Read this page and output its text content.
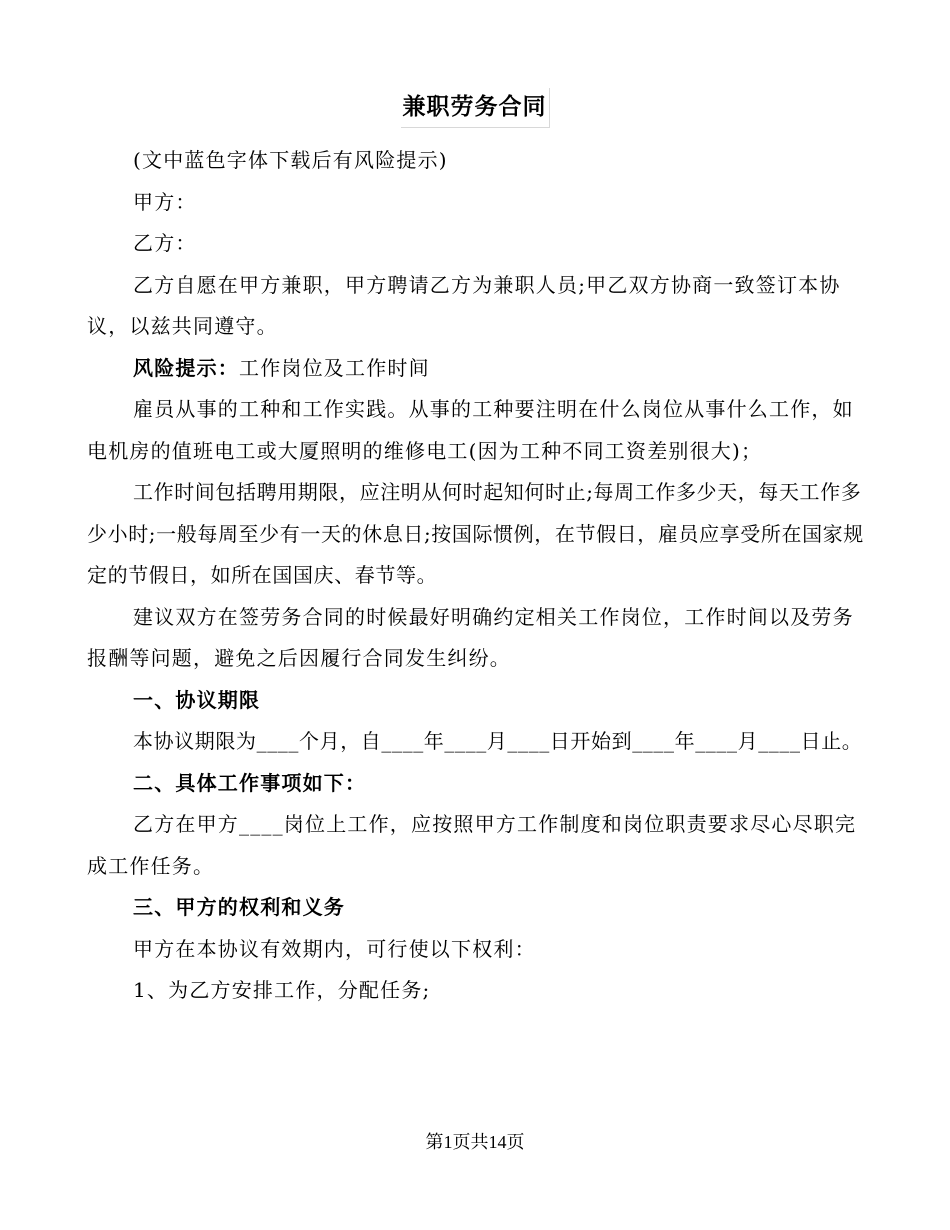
兼职劳务合同

(文中蓝色字体下载后有风险提示)

甲方：

乙方：

乙方自愿在甲方兼职，甲方聘请乙方为兼职人员;甲乙双方协商一致签订本协议，以兹共同遵守。

风险提示：工作岗位及工作时间

雇员从事的工种和工作实践。从事的工种要注明在什么岗位从事什么工作，如电机房的值班电工或大厦照明的维修电工(因为工种不同工资差别很大)；

工作时间包括聘用期限，应注明从何时起知何时止;每周工作多少天，每天工作多少小时;一般每周至少有一天的休息日;按国际惯例，在节假日，雇员应享受所在国家规定的节假日，如所在国国庆、春节等。

建议双方在签劳务合同的时候最好明确约定相关工作岗位，工作时间以及劳务报酬等问题，避免之后因履行合同发生纠纷。

一、协议期限

本协议期限为____个月，自____年____月____日开始到____年____月____日止。

二、具体工作事项如下：

乙方在甲方____岗位上工作，应按照甲方工作制度和岗位职责要求尽心尽职完成工作任务。

三、甲方的权利和义务

甲方在本协议有效期内，可行使以下权利：

1、为乙方安排工作，分配任务;

第1页共14页
